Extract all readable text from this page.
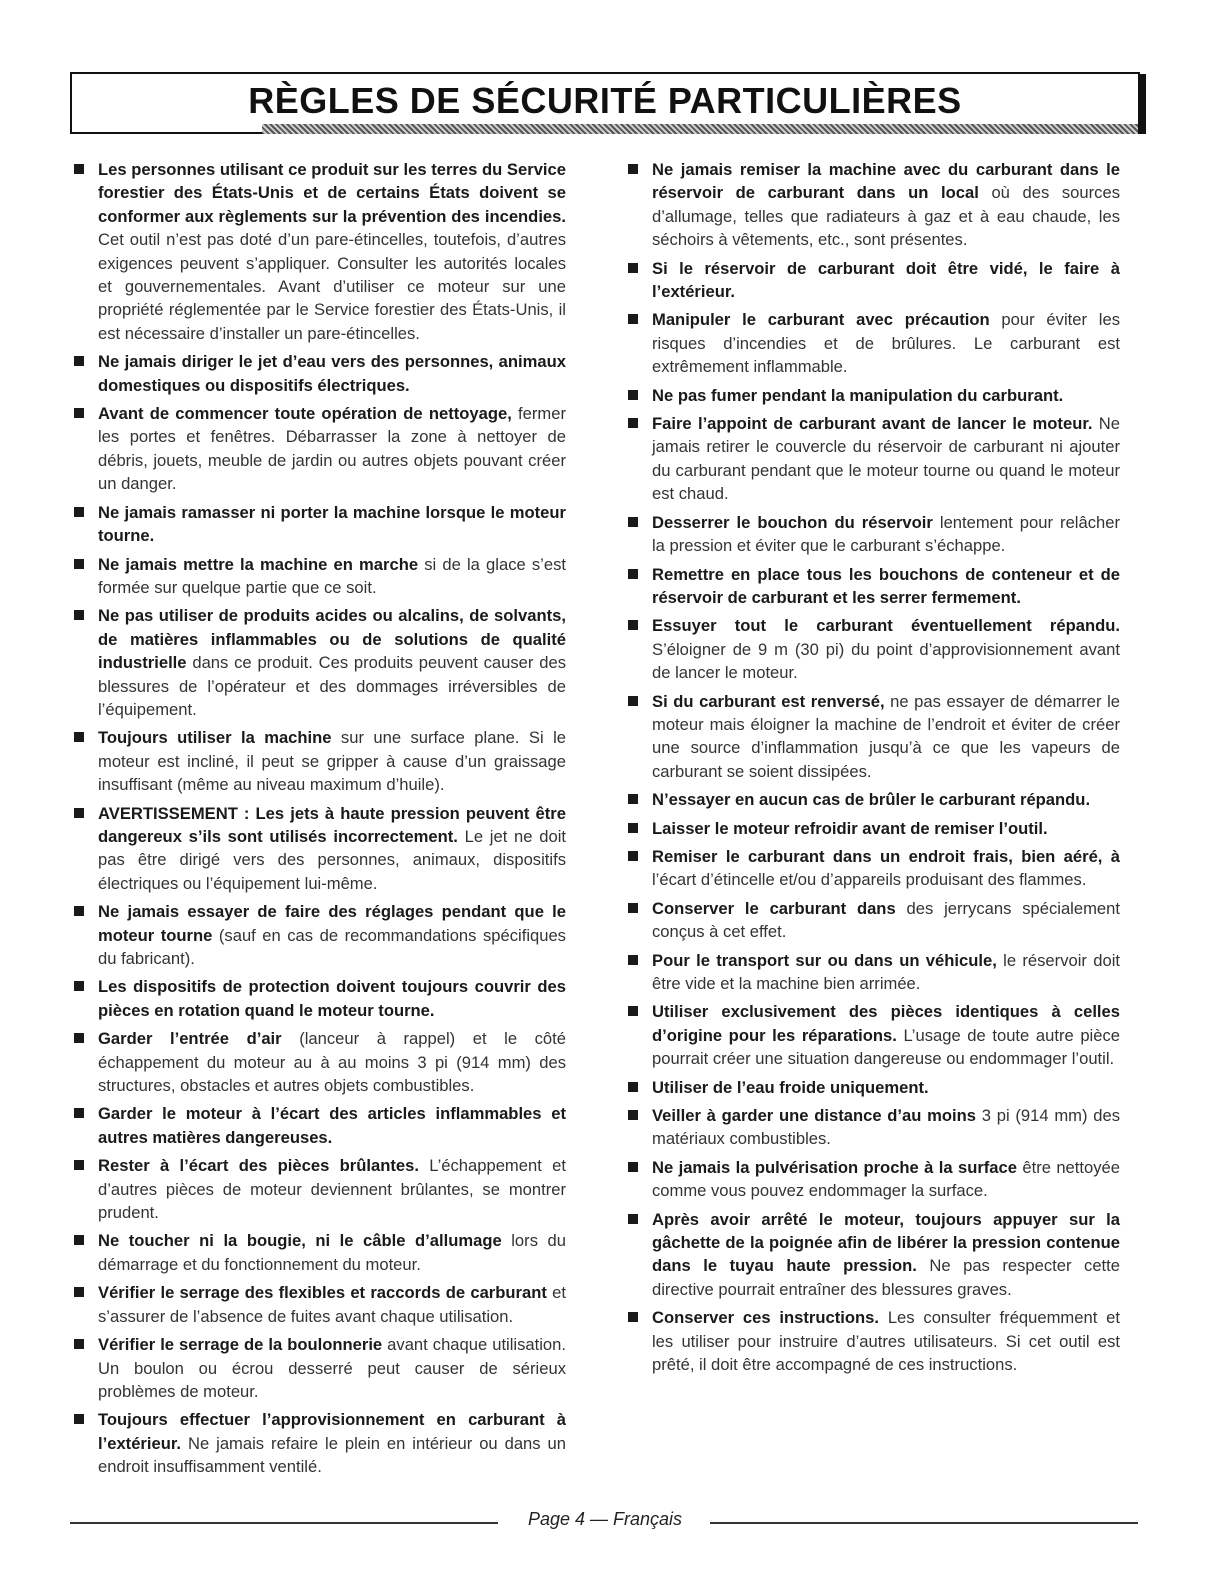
RÈGLES DE SÉCURITÉ PARTICULIÈRES
Les personnes utilisant ce produit sur les terres du Service forestier des États-Unis et de certains États doivent se conformer aux règlements sur la prévention des incendies. Cet outil n’est pas doté d’un pare-étincelles, toutefois, d’autres exigences peuvent s’appliquer. Consulter les autorités locales et gouvernementales. Avant d’utiliser ce moteur sur une propriété réglementée par le Service forestier des États-Unis, il est nécessaire d’installer un pare-étincelles.
Ne jamais diriger le jet d’eau vers des personnes, animaux domestiques ou dispositifs électriques.
Avant de commencer toute opération de nettoyage, fermer les portes et fenêtres. Débarrasser la zone à nettoyer de débris, jouets, meuble de jardin ou autres objets pouvant créer un danger.
Ne jamais ramasser ni porter la machine lorsque le moteur tourne.
Ne jamais mettre la machine en marche si de la glace s’est formée sur quelque partie que ce soit.
Ne pas utiliser de produits acides ou alcalins, de solvants, de matières inflammables ou de solutions de qualité industrielle dans ce produit. Ces produits peuvent causer des blessures de l’opérateur et des dommages irréversibles de l’équipement.
Toujours utiliser la machine sur une surface plane. Si le moteur est incliné, il peut se gripper à cause d’un graissage insuffisant (même au niveau maximum d’huile).
AVERTISSEMENT : Les jets à haute pression peuvent être dangereux s’ils sont utilisés incorrectement. Le jet ne doit pas être dirigé vers des personnes, animaux, dispositifs électriques ou l’équipement lui-même.
Ne jamais essayer de faire des réglages pendant que le moteur tourne (sauf en cas de recommandations spécifiques du fabricant).
Les dispositifs de protection doivent toujours couvrir des pièces en rotation quand le moteur tourne.
Garder l’entrée d’air (lanceur à rappel) et le côté échappement du moteur au à au moins 3 pi (914 mm) des structures, obstacles et autres objets combustibles.
Garder le moteur à l’écart des articles inflammables et autres matières dangereuses.
Rester à l’écart des pièces brûlantes. L’échappement et d’autres pièces de moteur deviennent brûlantes, se montrer prudent.
Ne toucher ni la bougie, ni le câble d’allumage lors du démarrage et du fonctionnement du moteur.
Vérifier le serrage des flexibles et raccords de carburant et s’assurer de l’absence de fuites avant chaque utilisation.
Vérifier le serrage de la boulonnerie avant chaque utilisation. Un boulon ou écrou desserré peut causer de sérieux problèmes de moteur.
Toujours effectuer l’approvisionnement en carburant à l’extérieur. Ne jamais refaire le plein en intérieur ou dans un endroit insuffisamment ventilé.
Ne jamais remiser la machine avec du carburant dans le réservoir de carburant dans un local où des sources d’allumage, telles que radiateurs à gaz et à eau chaude, les séchoirs à vêtements, etc., sont présentes.
Si le réservoir de carburant doit être vidé, le faire à l’extérieur.
Manipuler le carburant avec précaution pour éviter les risques d’incendies et de brûlures. Le carburant est extrêmement inflammable.
Ne pas fumer pendant la manipulation du carburant.
Faire l’appoint de carburant avant de lancer le moteur. Ne jamais retirer le couvercle du réservoir de carburant ni ajouter du carburant pendant que le moteur tourne ou quand le moteur est chaud.
Desserrer le bouchon du réservoir lentement pour relâcher la pression et éviter que le carburant s’échappe.
Remettre en place tous les bouchons de conteneur et de réservoir de carburant et les serrer fermement.
Essuyer tout le carburant éventuellement répandu. S’éloigner de 9 m (30 pi) du point d’approvisionnement avant de lancer le moteur.
Si du carburant est renversé, ne pas essayer de démarrer le moteur mais éloigner la machine de l’endroit et éviter de créer une source d’inflammation jusqu’à ce que les vapeurs de carburant se soient dissipées.
N’essayer en aucun cas de brûler le carburant répandu.
Laisser le moteur refroidir avant de remiser l’outil.
Remiser le carburant dans un endroit frais, bien aéré, à l’écart d’étincelle et/ou d’appareils produisant des flammes.
Conserver le carburant dans des jerrycans spécialement conçus à cet effet.
Pour le transport sur ou dans un véhicule, le réservoir doit être vide et la machine bien arrimée.
Utiliser exclusivement des pièces identiques à celles d’origine pour les réparations. L’usage de toute autre pièce pourrait créer une situation dangereuse ou endommager l’outil.
Utiliser de l’eau froide uniquement.
Veiller à garder une distance d’au moins 3 pi (914 mm) des matériaux combustibles.
Ne jamais la pulvérisation proche à la surface être nettoyée comme vous pouvez endommager la surface.
Après avoir arrêté le moteur, toujours appuyer sur la gâchette de la poignée afin de libérer la pression contenue dans le tuyau haute pression. Ne pas respecter cette directive pourrait entraîner des blessures graves.
Conserver ces instructions. Les consulter fréquemment et les utiliser pour instruire d’autres utilisateurs. Si cet outil est prêté, il doit être accompagné de ces instructions.
Page 4 — Français
